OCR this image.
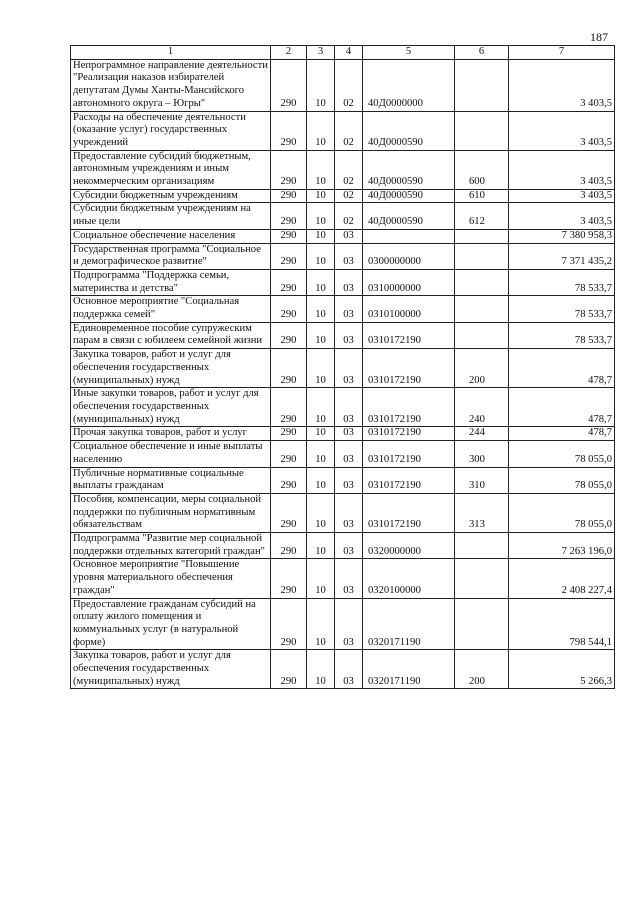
187
1	2	3	4	5	6	7
Непрограммное направление деятельности "Реализация наказов избирателей депутатам Думы Ханты-Мансийского автономного округа – Югры"	290	10	02	40Д0000000		3 403,5
Расходы на обеспечение деятельности (оказание услуг) государственных учреждений	290	10	02	40Д0000590		3 403,5
Предоставление субсидий бюджетным, автономным учреждениям и иным некоммерческим организациям	290	10	02	40Д0000590	600	3 403,5
Субсидии бюджетным учреждениям	290	10	02	40Д0000590	610	3 403,5
Субсидии бюджетным учреждениям на иные цели	290	10	02	40Д0000590	612	3 403,5
Социальное обеспечение населения	290	10	03			7 380 958,3
Государственная программа "Социальное и демографическое развитие"	290	10	03	0300000000		7 371 435,2
Подпрограмма "Поддержка семьи, материнства и детства"	290	10	03	0310000000		78 533,7
Основное мероприятие "Социальная поддержка семей"	290	10	03	0310100000		78 533,7
Единовременное пособие супружеским парам в связи с юбилеем семейной жизни	290	10	03	0310172190		78 533,7
Закупка товаров, работ и услуг для обеспечения государственных (муниципальных) нужд	290	10	03	0310172190	200	478,7
Иные закупки товаров, работ и услуг для обеспечения государственных (муниципальных) нужд	290	10	03	0310172190	240	478,7
Прочая закупка товаров, работ и услуг	290	10	03	0310172190	244	478,7
Социальное обеспечение и иные выплаты населению	290	10	03	0310172190	300	78 055,0
Публичные нормативные социальные выплаты гражданам	290	10	03	0310172190	310	78 055,0
Пособия, компенсации, меры социальной поддержки по публичным нормативным обязательствам	290	10	03	0310172190	313	78 055,0
Подпрограмма "Развитие мер социальной поддержки отдельных категорий граждан"	290	10	03	0320000000		7 263 196,0
Основное мероприятие "Повышение уровня материального обеспечения граждан"	290	10	03	0320100000		2 408 227,4
Предоставление гражданам субсидий на оплату жилого помещения и коммунальных услуг (в натуральной форме)	290	10	03	0320171190		798 544,1
Закупка товаров, работ и услуг для обеспечения государственных (муниципальных) нужд	290	10	03	0320171190	200	5 266,3
